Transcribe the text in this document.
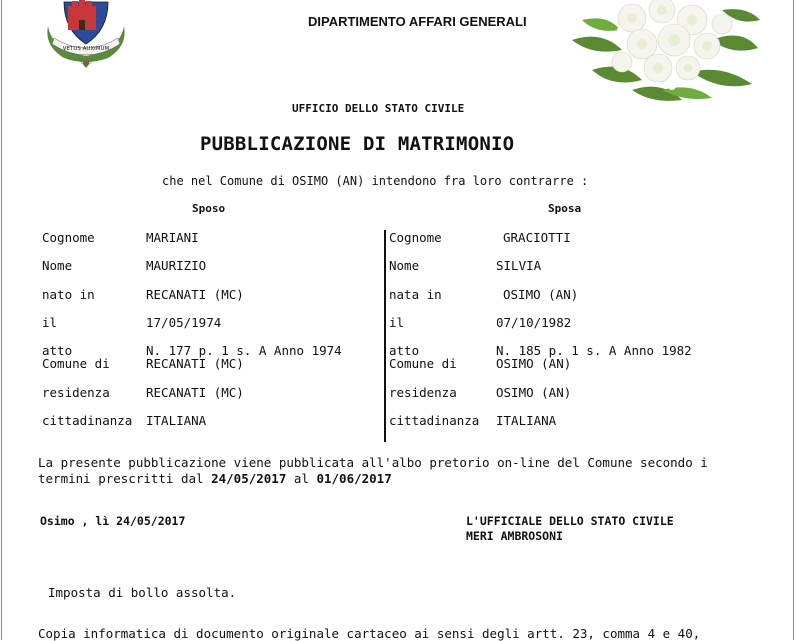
VETUS AUXIMUM
DIPARTIMENTO AFFARI GENERALI
UFFICIO DELLO STATO CIVILE
PUBBLICAZIONE DI MATRIMONIO
che nel Comune di OSIMO (AN) intendono fra loro contrarre :
Sposo	Sposa
Cognome	MARIANI
Nome	MAURIZIO
nato in	RECANATI (MC)
il	17/05/1974
atto	N. 177 p. 1 s. A Anno 1974
Comune di	RECANATI (MC)
residenza	RECANATI (MC)
cittadinanza ITALIANA
Cognome	GRACIOTTI
Nome	SILVIA
nata in	OSIMO (AN)
il	07/10/1982
atto	N. 185 p. 1 s. A Anno 1982
Comune di	OSIMO (AN)
residenza	OSIMO (AN)
cittadinanza ITALIANA
La presente pubblicazione viene pubblicata all'albo pretorio on-line del Comune secondo i
termini prescritti dal 24/05/2017 al 01/06/2017
Osimo , lì 24/05/2017	L'UFFICIALE DELLO STATO CIVILE
MERI AMBROSONI
Imposta di bollo assolta.
Copia informatica di documento originale cartaceo ai sensi degli artt. 23, comma 4 e 40,
